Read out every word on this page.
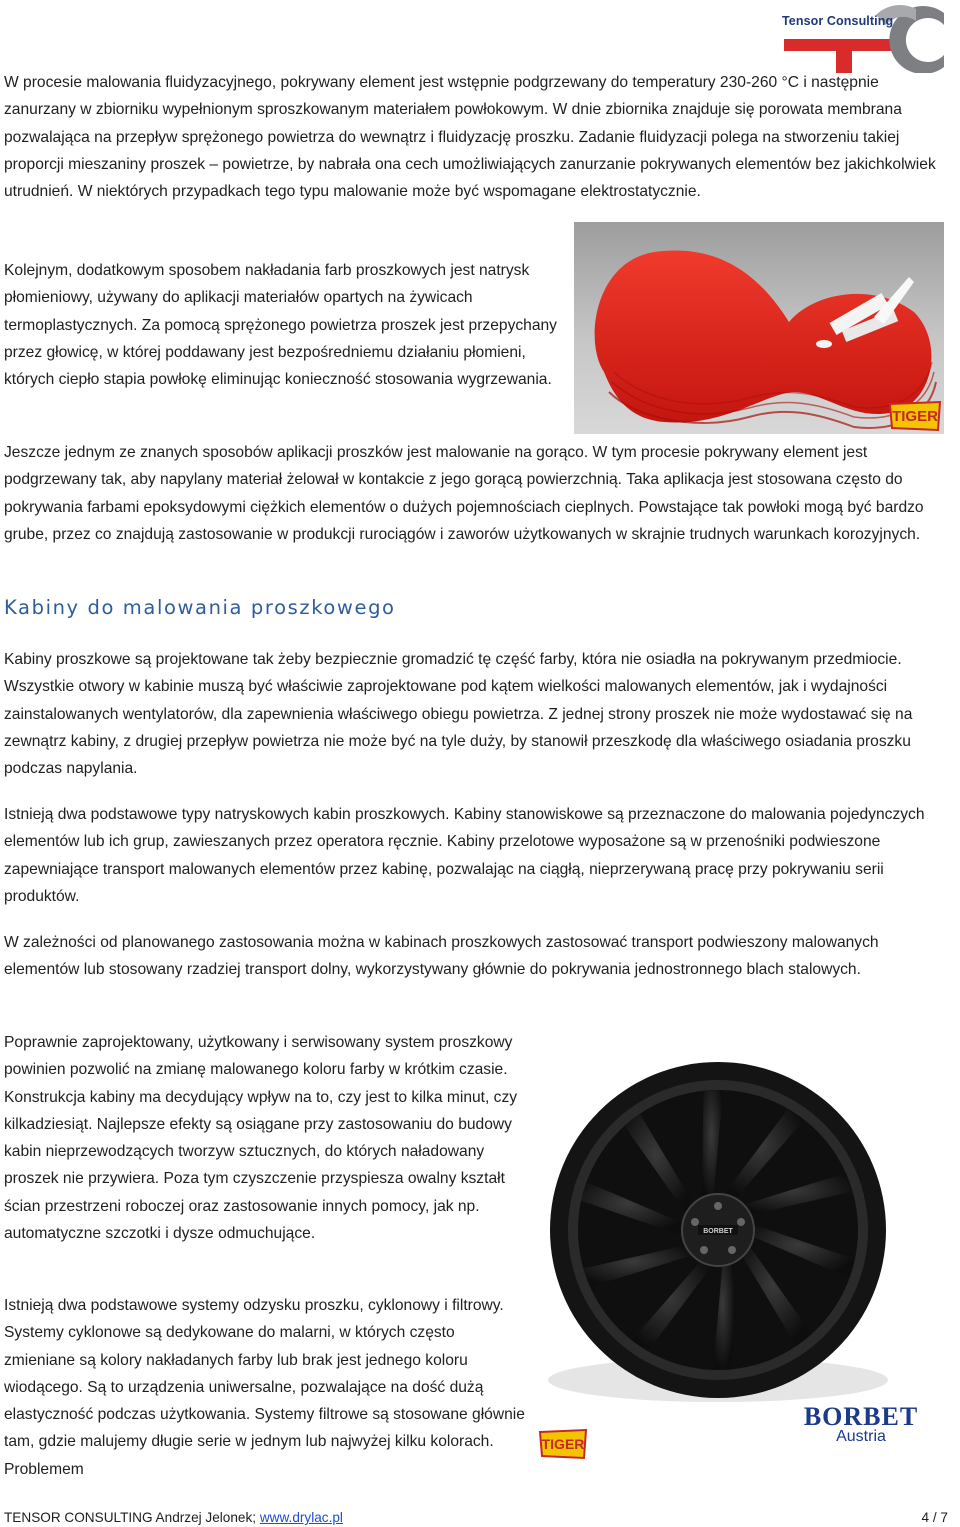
Tensor Consulting

W procesie malowania fluidyzacyjnego, pokrywany element jest wstępnie podgrzewany do temperatury 230-260 °C i następnie zanurzany w zbiorniku wypełnionym sproszkowanym materiałem powłokowym. W dnie zbiornika znajduje się porowata membrana pozwalająca na przepływ sprężonego powietrza do wewnątrz i fluidyzację proszku. Zadanie fluidyzacji polega na stworzeniu takiej proporcji mieszaniny proszek – powietrze, by nabrała ona cech umożliwiających zanurzanie pokrywanych elementów bez jakichkolwiek utrudnień. W niektórych przypadkach tego typu malowanie może być wspomagane elektrostatycznie.

TIGER

Kolejnym, dodatkowym sposobem nakładania farb proszkowych jest natrysk płomieniowy, używany do aplikacji materiałów opartych na żywicach termoplastycznych. Za pomocą sprężonego powietrza proszek jest przepychany przez głowicę, w której poddawany jest bezpośredniemu działaniu płomieni, których ciepło stapia powłokę eliminując konieczność stosowania wygrzewania.

Jeszcze jednym ze znanych sposobów aplikacji proszków jest malowanie na gorąco. W tym procesie pokrywany element jest podgrzewany tak, aby napylany materiał żelował w kontakcie z jego gorącą powierzchnią. Taka aplikacja jest stosowana często do pokrywania farbami epoksydowymi ciężkich elementów o dużych pojemnościach cieplnych. Powstające tak powłoki mogą być bardzo grube, przez co znajdują zastosowanie w produkcji rurociągów i zaworów użytkowanych w skrajnie trudnych warunkach korozyjnych.

Kabiny do malowania proszkowego

Kabiny proszkowe są projektowane tak żeby bezpiecznie gromadzić tę część farby, która nie osiadła na pokrywanym przedmiocie. Wszystkie otwory w kabinie muszą być właściwie zaprojektowane pod kątem wielkości malowanych elementów, jak i wydajności zainstalowanych wentylatorów, dla zapewnienia właściwego obiegu powietrza. Z jednej strony proszek nie może wydostawać się na zewnątrz kabiny, z drugiej przepływ powietrza nie może być na tyle duży, by stanowił przeszkodę dla właściwego osiadania proszku podczas napylania.

Istnieją dwa podstawowe typy natryskowych kabin proszkowych. Kabiny stanowiskowe są przeznaczone do malowania pojedynczych elementów lub ich grup, zawieszanych przez operatora ręcznie. Kabiny przelotowe wyposażone są w przenośniki podwieszone zapewniające transport malowanych elementów przez kabinę, pozwalając na ciągłą, nieprzerywaną pracę przy pokrywaniu serii produktów.

W zależności od planowanego zastosowania można w kabinach proszkowych zastosować transport podwieszony malowanych elementów lub stosowany rzadziej transport dolny, wykorzystywany głównie do pokrywania jednostronnego blach stalowych.

Poprawnie zaprojektowany, użytkowany i serwisowany system proszkowy powinien pozwolić na zmianę malowanego koloru farby w krótkim czasie. Konstrukcja kabiny ma decydujący wpływ na to, czy jest to kilka minut, czy kilkadziesiąt. Najlepsze efekty są osiągane przy zastosowaniu do budowy kabin nieprzewodzących tworzyw sztucznych, do których naładowany proszek nie przywiera. Poza tym czyszczenie przyspiesza owalny kształt ścian przestrzeni roboczej oraz zastosowanie innych pomocy, jak np. automatyczne szczotki i dysze odmuchujące.

Istnieją dwa podstawowe systemy odzysku proszku, cyklonowy i filtrowy. Systemy cyklonowe są dedykowane do malarni, w których często zmieniane są kolory nakładanych farby lub brak jest jednego koloru wiodącego. Są to urządzenia uniwersalne, pozwalające na dość dużą elastyczność podczas użytkowania. Systemy filtrowe są stosowane głównie tam, gdzie malujemy długie serie w jednym lub najwyżej kilku kolorach. Problemem

BORBET
BORBET
Austria
TIGER

TENSOR CONSULTING Andrzej Jelonek; www.drylac.pl	4 / 7
